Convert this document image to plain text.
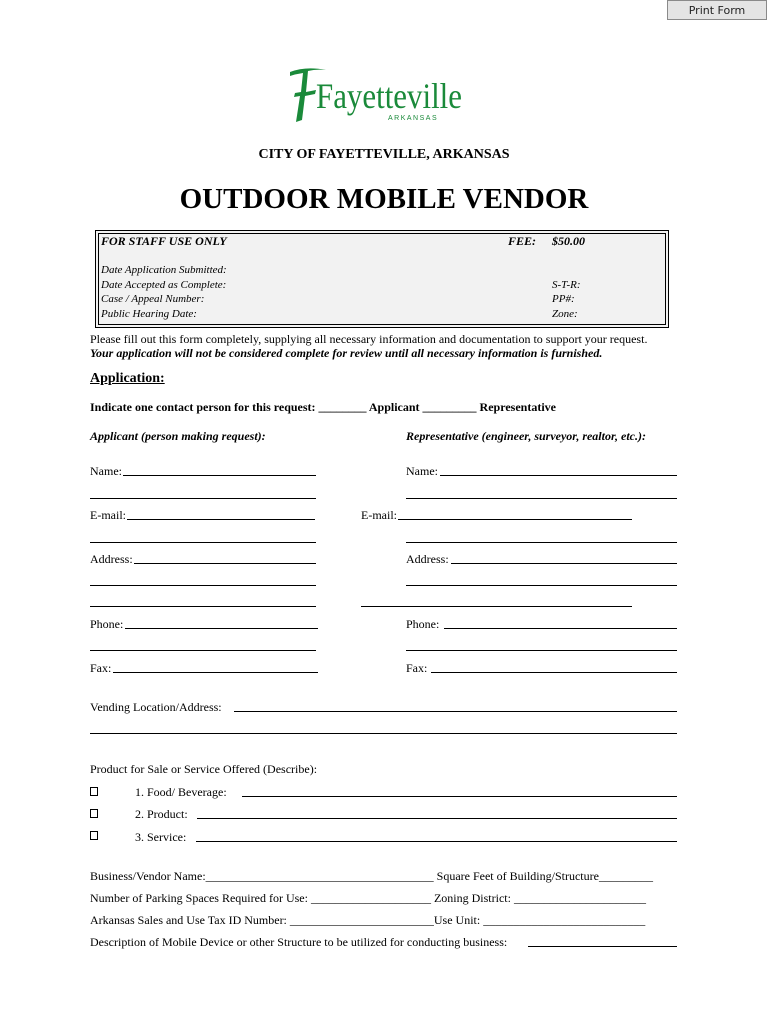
Print Form
Fayetteville
ARKANSAS
CITY OF FAYETTEVILLE, ARKANSAS
OUTDOOR MOBILE VENDOR
FOR STAFF USE ONLY	FEE: $50.00
Date Application Submitted:
Date Accepted as Complete:
Case / Appeal Number:
Public Hearing Date:
S-T-R:
PP#:
Zone:
Please fill out this form completely, supplying all necessary information and documentation to support your request.
Your application will not be considered complete for review until all necessary information is furnished.
Application:
Indicate one contact person for this request: ________ Applicant _________ Representative
Applicant (person making request):	Representative (engineer, surveyor, realtor, etc.):
Name:
E-mail:
Address:
Phone:
Fax:
Name:
E-mail:
Address:
Phone:
Fax:
Vending Location/Address:
Product for Sale or Service Offered (Describe):
1. Food/ Beverage:
2. Product:
3. Service:
Business/Vendor Name:______________________________________ Square Feet of Building/Structure_________
Number of Parking Spaces Required for Use: ____________________ Zoning District: ______________________
Arkansas Sales and Use Tax ID Number: ________________________Use Unit: ___________________________
Description of Mobile Device or other Structure to be utilized for conducting business:
